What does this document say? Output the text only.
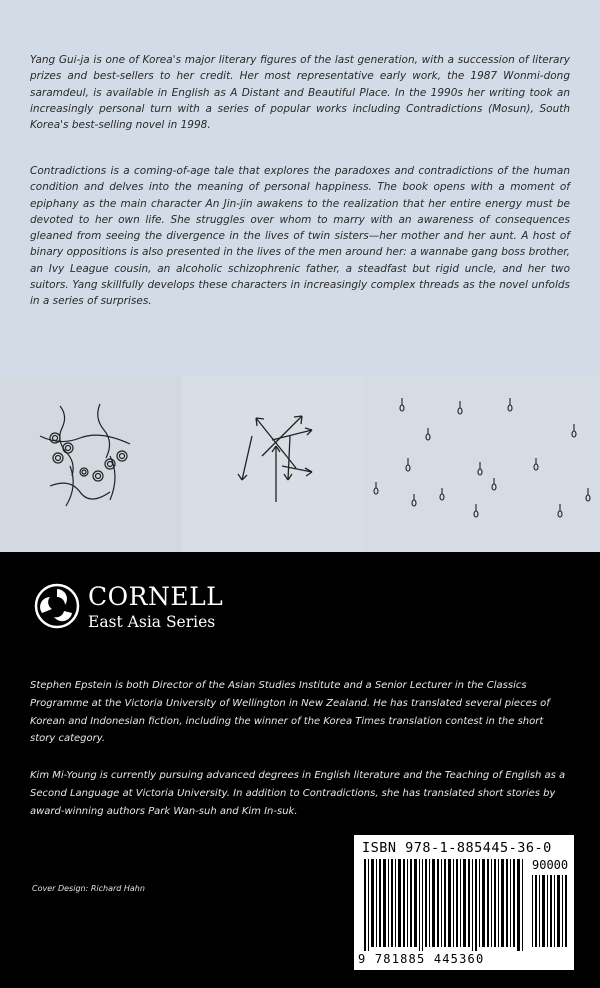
Yang Gui-ja is one of Korea's major literary figures of the last generation, with a succession of literary prizes and best-sellers to her credit. Her most representative early work, the 1987 Wonmi-dong saramdeul, is available in English as A Distant and Beautiful Place. In the 1990s her writing took an increasingly personal turn with a series of popular works including Contradictions (Mosun), South Korea's best-selling novel in 1998.

Contradictions is a coming-of-age tale that explores the paradoxes and contradictions of the human condition and delves into the meaning of personal happiness. The book opens with a moment of epiphany as the main character An Jin-jin awakens to the realization that her entire energy must be devoted to her own life. She struggles over whom to marry with an awareness of consequences gleaned from seeing the divergence in the lives of twin sisters—her mother and her aunt. A host of binary oppositions is also presented in the lives of the men around her: a wannabe gang boss brother, an Ivy League cousin, an alcoholic schizophrenic father, a steadfast but rigid uncle, and her two suitors. Yang skillfully develops these characters in increasingly complex threads as the novel unfolds in a series of surprises.

CORNELL
East Asia Series

Stephen Epstein is both Director of the Asian Studies Institute and a Senior Lecturer in the Classics Programme at the Victoria University of Wellington in New Zealand. He has translated several pieces of Korean and Indonesian fiction, including the winner of the Korea Times translation contest in the short story category.

Kim Mi-Young is currently pursuing advanced degrees in English literature and the Teaching of English as a Second Language at Victoria University. In addition to Contradictions, she has translated short stories by award-winning authors Park Wan-suh and Kim In-suk.

Cover Design: Richard Hahn
ISBN 978-1-885445-36-0
90000
9 781885 445360
